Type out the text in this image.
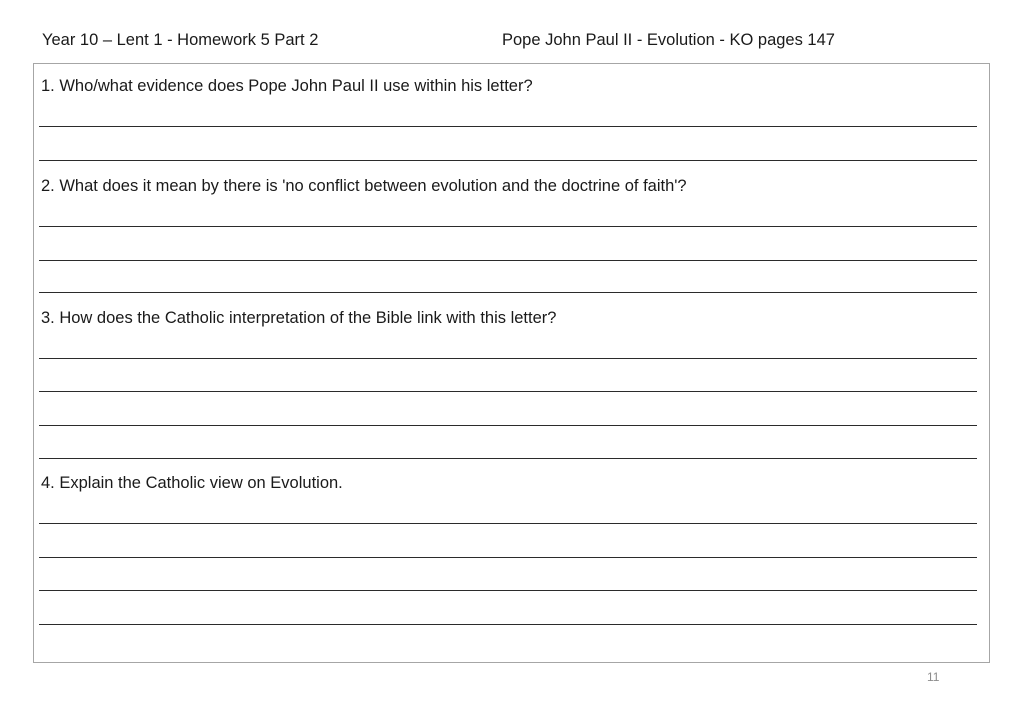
Year 10 – Lent 1 - Homework 5 Part 2	Pope John Paul II - Evolution - KO pages 147
1. Who/what evidence does Pope John Paul II use within his letter?
2. What does it mean by there is 'no conflict between evolution and the doctrine of faith'?
3. How does the Catholic interpretation of the Bible link with this letter?
4. Explain the Catholic view on Evolution.
11
